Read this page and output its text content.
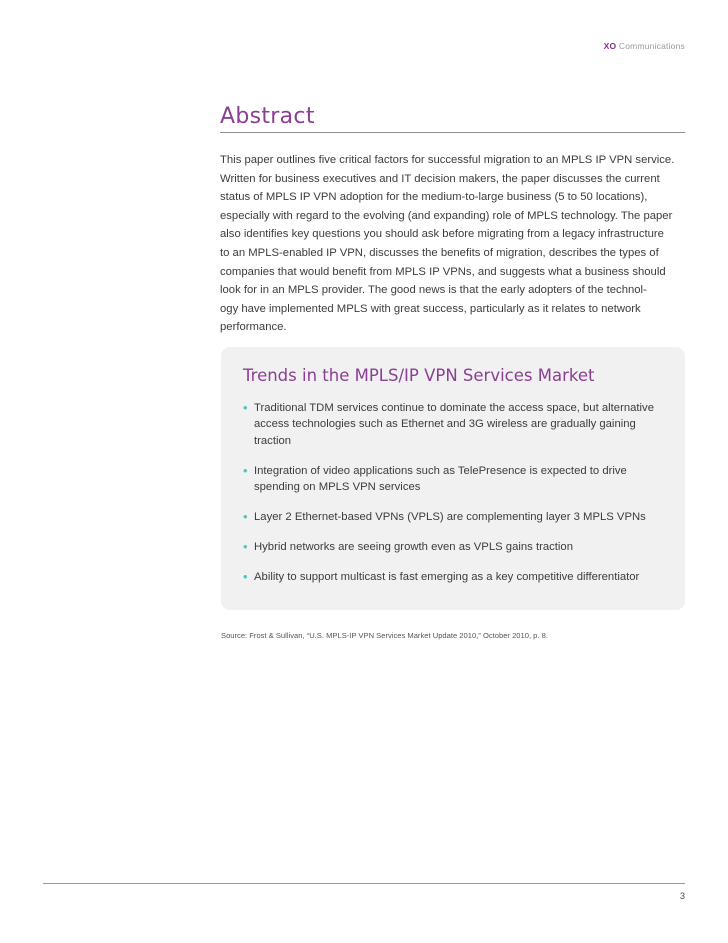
XO Communications
Abstract

This paper outlines five critical factors for successful migration to an MPLS IP VPN service.
Written for business executives and IT decision makers, the paper discusses the current
status of MPLS IP VPN adoption for the medium-to-large business (5 to 50 locations),
especially with regard to the evolving (and expanding) role of MPLS technology. The paper
also identifies key questions you should ask before migrating from a legacy infrastructure
to an MPLS-enabled IP VPN, discusses the benefits of migration, describes the types of
companies that would benefit from MPLS IP VPNs, and suggests what a business should
look for in an MPLS provider. The good news is that the early adopters of the technol-
ogy have implemented MPLS with great success, particularly as it relates to network
performance.

Trends in the MPLS/IP VPN Services Market
• Traditional TDM services continue to dominate the access space, but alternative
access technologies such as Ethernet and 3G wireless are gradually gaining
traction
• Integration of video applications such as TelePresence is expected to drive
spending on MPLS VPN services
• Layer 2 Ethernet-based VPNs (VPLS) are complementing layer 3 MPLS VPNs
• Hybrid networks are seeing growth even as VPLS gains traction
• Ability to support multicast is fast emerging as a key competitive differentiator
Source: Frost & Sullivan, “U.S. MPLS-IP VPN Services Market Update 2010,” October 2010, p. 8.
3
